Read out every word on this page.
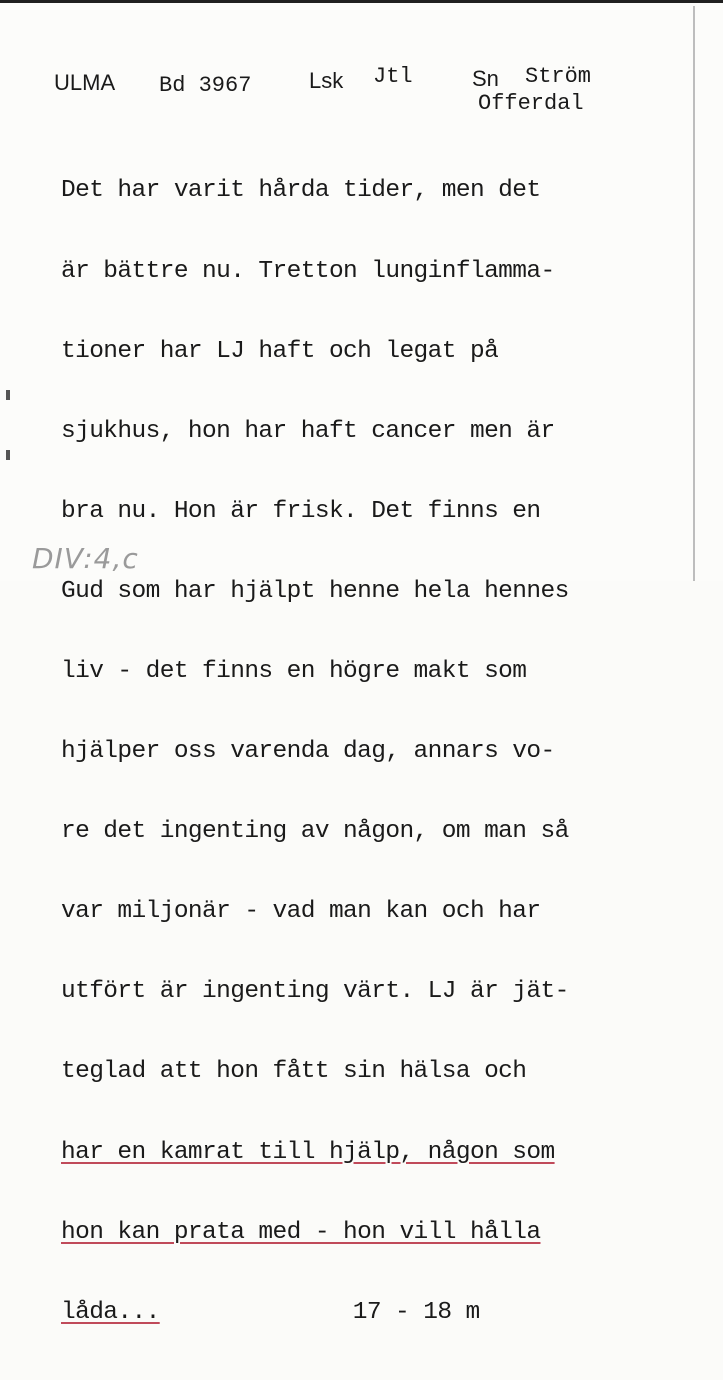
ULMA Bd 3967	Lsk Jtl	Sn Ström
Offerdal

Det har varit hårda tider, men det

är bättre nu. Tretton lunginflamma-

tioner har LJ haft och legat på

sjukhus, hon har haft cancer men är

bra nu. Hon är frisk. Det finns en

Gud som har hjälpt henne hela hennes

liv - det finns en högre makt som

hjälper oss varenda dag, annars vo-

re det ingenting av någon, om man så

var miljonär - vad man kan och har

utfört är ingenting värt. LJ är jät-

teglad att hon fått sin hälsa och

har en kamrat till hjälp, någon som

hon kan prata med - hon vill hålla

låda...	17 - 18 m

DIV:4,c
